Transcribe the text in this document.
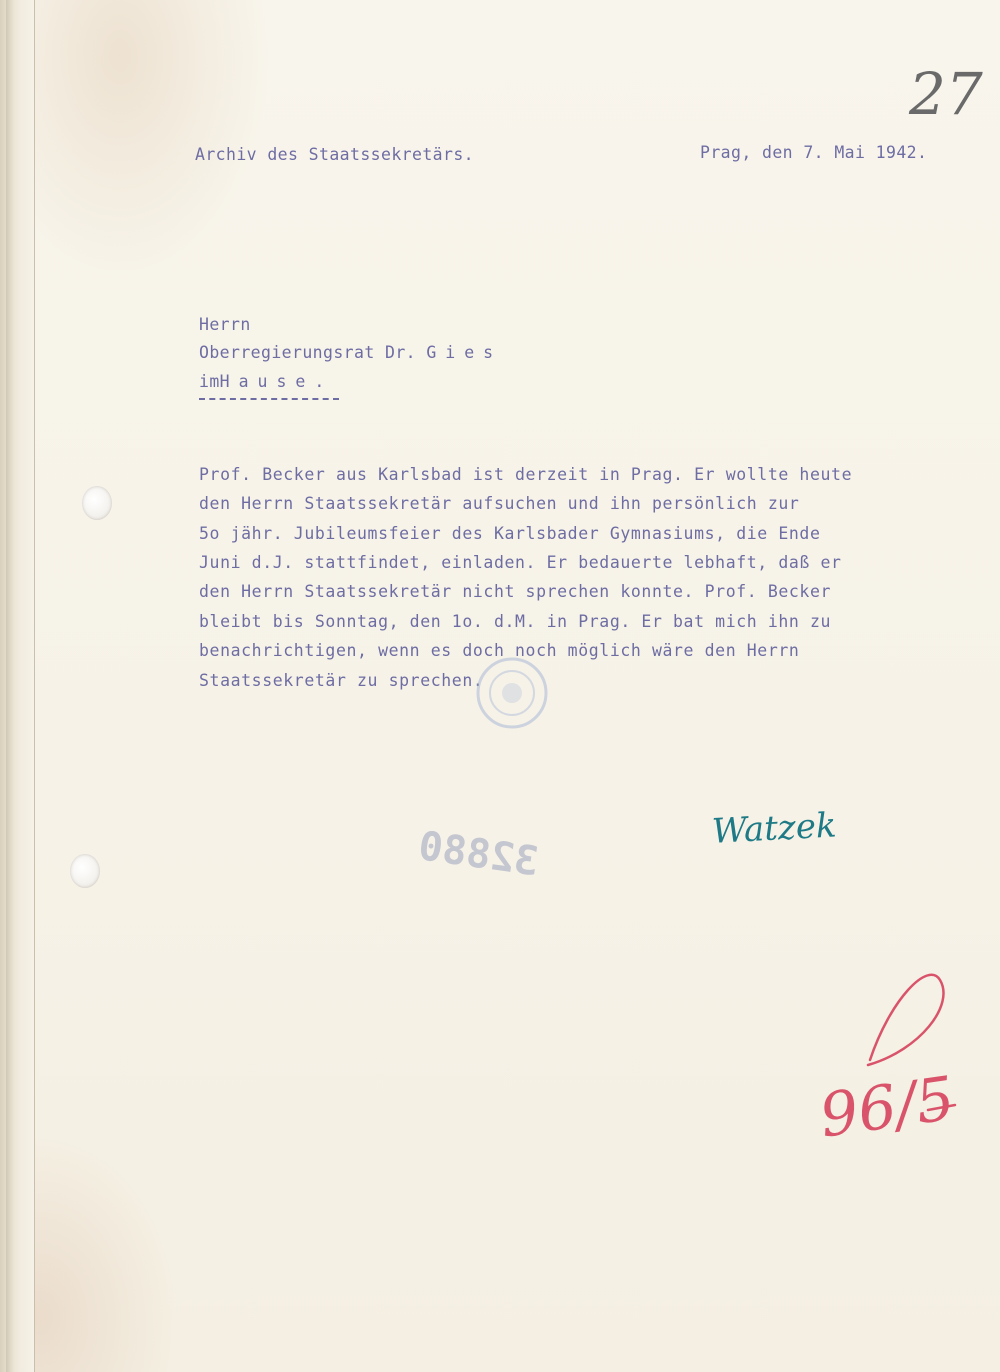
27
Archiv des Staatssekretärs.	Prag, den 7. Mai 1942.
Herrn
Oberregierungsrat Dr. Gies
imHause.
Prof. Becker aus Karlsbad ist derzeit in Prag. Er wollte heute
den Herrn Staatssekretär aufsuchen und ihn persönlich zur
5o jähr. Jubileumsfeier des Karlsbader Gymnasiums, die Ende
Juni d.J. stattfindet, einladen. Er bedauerte lebhaft, daß er
den Herrn Staatssekretär nicht sprechen konnte. Prof. Becker
bleibt bis Sonntag, den 1o. d.M. in Prag. Er bat mich ihn zu
benachrichtigen, wenn es doch noch möglich wäre den Herrn
Staatssekretär zu sprechen.
32880	Watzek
96/5
